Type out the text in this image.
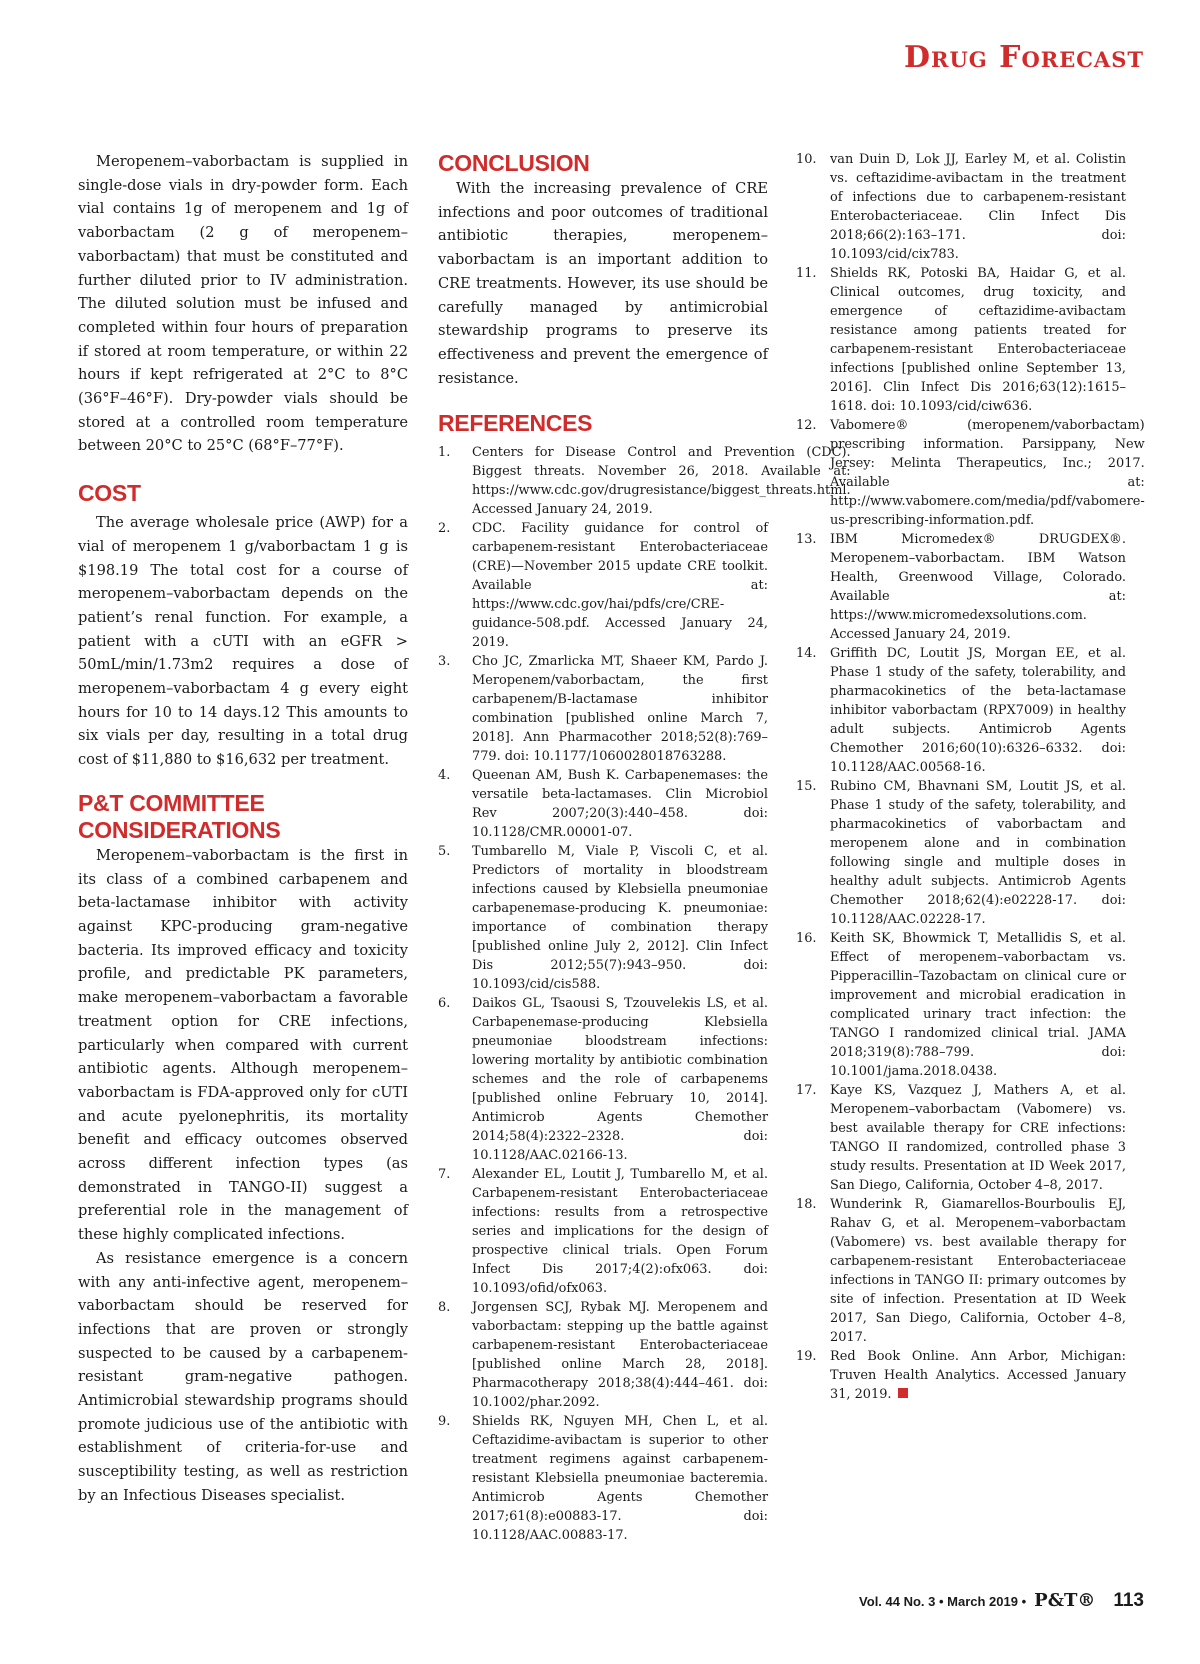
Drug Forecast

Meropenem–vaborbactam is supplied in single-dose vials in dry-powder form. Each vial contains 1g of meropenem and 1g of vaborbactam (2 g of meropenem–vaborbactam) that must be constituted and further diluted prior to IV administration. The diluted solution must be infused and completed within four hours of preparation if stored at room temperature, or within 22 hours if kept refrigerated at 2°C to 8°C (36°F–46°F). Dry-powder vials should be stored at a controlled room temperature between 20°C to 25°C (68°F–77°F).

COST

The average wholesale price (AWP) for a vial of meropenem 1 g/vaborbactam 1 g is $198.19 The total cost for a course of meropenem–vaborbactam depends on the patient’s renal function. For example, a patient with a cUTI with an eGFR > 50mL/min/1.73m2 requires a dose of meropenem–vaborbactam 4 g every eight hours for 10 to 14 days.12 This amounts to six vials per day, resulting in a total drug cost of $11,880 to $16,632 per treatment.

P&T COMMITTEE
CONSIDERATIONS

Meropenem–vaborbactam is the first in its class of a combined carbapenem and beta-lactamase inhibitor with activity against KPC-producing gram-negative bacteria. Its improved efficacy and toxicity profile, and predictable PK parameters, make meropenem–vaborbactam a favorable treatment option for CRE infections, particularly when compared with current antibiotic agents. Although meropenem–vaborbactam is FDA-approved only for cUTI and acute pyelonephritis, its mortality benefit and efficacy outcomes observed across different infection types (as demonstrated in TANGO-II) suggest a preferential role in the management of these highly complicated infections.

As resistance emergence is a concern with any anti-infective agent, meropenem–vaborbactam should be reserved for infections that are proven or strongly suspected to be caused by a carbapenem-resistant gram-negative pathogen. Antimicrobial stewardship programs should promote judicious use of the antibiotic with establishment of criteria-for-use and susceptibility testing, as well as restriction by an Infectious Diseases specialist.

CONCLUSION

With the increasing prevalence of CRE infections and poor outcomes of traditional antibiotic therapies, meropenem–vaborbactam is an important addition to CRE treatments. However, its use should be carefully managed by antimicrobial stewardship programs to preserve its effectiveness and prevent the emergence of resistance.

REFERENCES
1.	Centers for Disease Control and Prevention (CDC). Biggest threats. November 26, 2018. Available at: https://www.cdc.gov/drugresistance/biggest_threats.html. Accessed January 24, 2019.
2.	CDC. Facility guidance for control of carbapenem-resistant Enterobacteriaceae (CRE)—November 2015 update CRE toolkit. Available at: https://www.cdc.gov/hai/pdfs/cre/CRE-guidance-508.pdf. Accessed January 24, 2019.
3.	Cho JC, Zmarlicka MT, Shaeer KM, Pardo J. Meropenem/vaborbactam, the first carbapenem/B-lactamase inhibitor combination [published online March 7, 2018]. Ann Pharmacother 2018;52(8):769–779. doi: 10.1177/1060028018763288.
4.	Queenan AM, Bush K. Carbapenemases: the versatile beta-lactamases. Clin Microbiol Rev 2007;20(3):440–458. doi: 10.1128/CMR.00001-07.
5.	Tumbarello M, Viale P, Viscoli C, et al. Predictors of mortality in bloodstream infections caused by Klebsiella pneumoniae carbapenemase-producing K. pneumoniae: importance of combination therapy [published online July 2, 2012]. Clin Infect Dis 2012;55(7):943–950. doi: 10.1093/cid/cis588.
6.	Daikos GL, Tsaousi S, Tzouvelekis LS, et al. Carbapenemase-producing Klebsiella pneumoniae bloodstream infections: lowering mortality by antibiotic combination schemes and the role of carbapenems [published online February 10, 2014]. Antimicrob Agents Chemother 2014;58(4):2322–2328. doi: 10.1128/AAC.02166-13.
7.	Alexander EL, Loutit J, Tumbarello M, et al. Carbapenem-resistant Enterobacteriaceae infections: results from a retrospective series and implications for the design of prospective clinical trials. Open Forum Infect Dis 2017;4(2):ofx063. doi: 10.1093/ofid/ofx063.
8.	Jorgensen SCJ, Rybak MJ. Meropenem and vaborbactam: stepping up the battle against carbapenem-resistant Enterobacteriaceae [published online March 28, 2018]. Pharmacotherapy 2018;38(4):444–461. doi: 10.1002/phar.2092.
9.	Shields RK, Nguyen MH, Chen L, et al. Ceftazidime-avibactam is superior to other treatment regimens against carbapenem-resistant Klebsiella pneumoniae bacteremia. Antimicrob Agents Chemother 2017;61(8):e00883-17. doi: 10.1128/AAC.00883-17.
10.	van Duin D, Lok JJ, Earley M, et al. Colistin vs. ceftazidime-avibactam in the treatment of infections due to carbapenem-resistant Enterobacteriaceae. Clin Infect Dis 2018;66(2):163–171. doi: 10.1093/cid/cix783.
11.	Shields RK, Potoski BA, Haidar G, et al. Clinical outcomes, drug toxicity, and emergence of ceftazidime-avibactam resistance among patients treated for carbapenem-resistant Enterobacteriaceae infections [published online September 13, 2016]. Clin Infect Dis 2016;63(12):1615–1618. doi: 10.1093/cid/ciw636.
12.	Vabomere® (meropenem/vaborbactam) prescribing information. Parsippany, New Jersey: Melinta Therapeutics, Inc.; 2017. Available at: http://www.vabomere.com/media/pdf/vabomere-us-prescribing-information.pdf.
13.	IBM Micromedex® DRUGDEX®. Meropenem–vaborbactam. IBM Watson Health, Greenwood Village, Colorado. Available at: https://www.micromedexsolutions.com. Accessed January 24, 2019.
14.	Griffith DC, Loutit JS, Morgan EE, et al. Phase 1 study of the safety, tolerability, and pharmacokinetics of the beta-lactamase inhibitor vaborbactam (RPX7009) in healthy adult subjects. Antimicrob Agents Chemother 2016;60(10):6326–6332. doi: 10.1128/AAC.00568-16.
15.	Rubino CM, Bhavnani SM, Loutit JS, et al. Phase 1 study of the safety, tolerability, and pharmacokinetics of vaborbactam and meropenem alone and in combination following single and multiple doses in healthy adult subjects. Antimicrob Agents Chemother 2018;62(4):e02228-17. doi: 10.1128/AAC.02228-17.
16.	Keith SK, Bhowmick T, Metallidis S, et al. Effect of meropenem–vaborbactam vs. Pipperacillin–Tazobactam on clinical cure or improvement and microbial eradication in complicated urinary tract infection: the TANGO I randomized clinical trial. JAMA 2018;319(8):788–799. doi: 10.1001/jama.2018.0438.
17.	Kaye KS, Vazquez J, Mathers A, et al. Meropenem–vaborbactam (Vabomere) vs. best available therapy for CRE infections: TANGO II randomized, controlled phase 3 study results. Presentation at ID Week 2017, San Diego, California, October 4–8, 2017.
18.	Wunderink R, Giamarellos-Bourboulis EJ, Rahav G, et al. Meropenem–vaborbactam (Vabomere) vs. best available therapy for carbapenem-resistant Enterobacteriaceae infections in TANGO II: primary outcomes by site of infection. Presentation at ID Week 2017, San Diego, California, October 4–8, 2017.
19.	Red Book Online. Ann Arbor, Michigan: Truven Health Analytics. Accessed January 31, 2019.
Vol. 44 No. 3 • March 2019 • P&T® 113
